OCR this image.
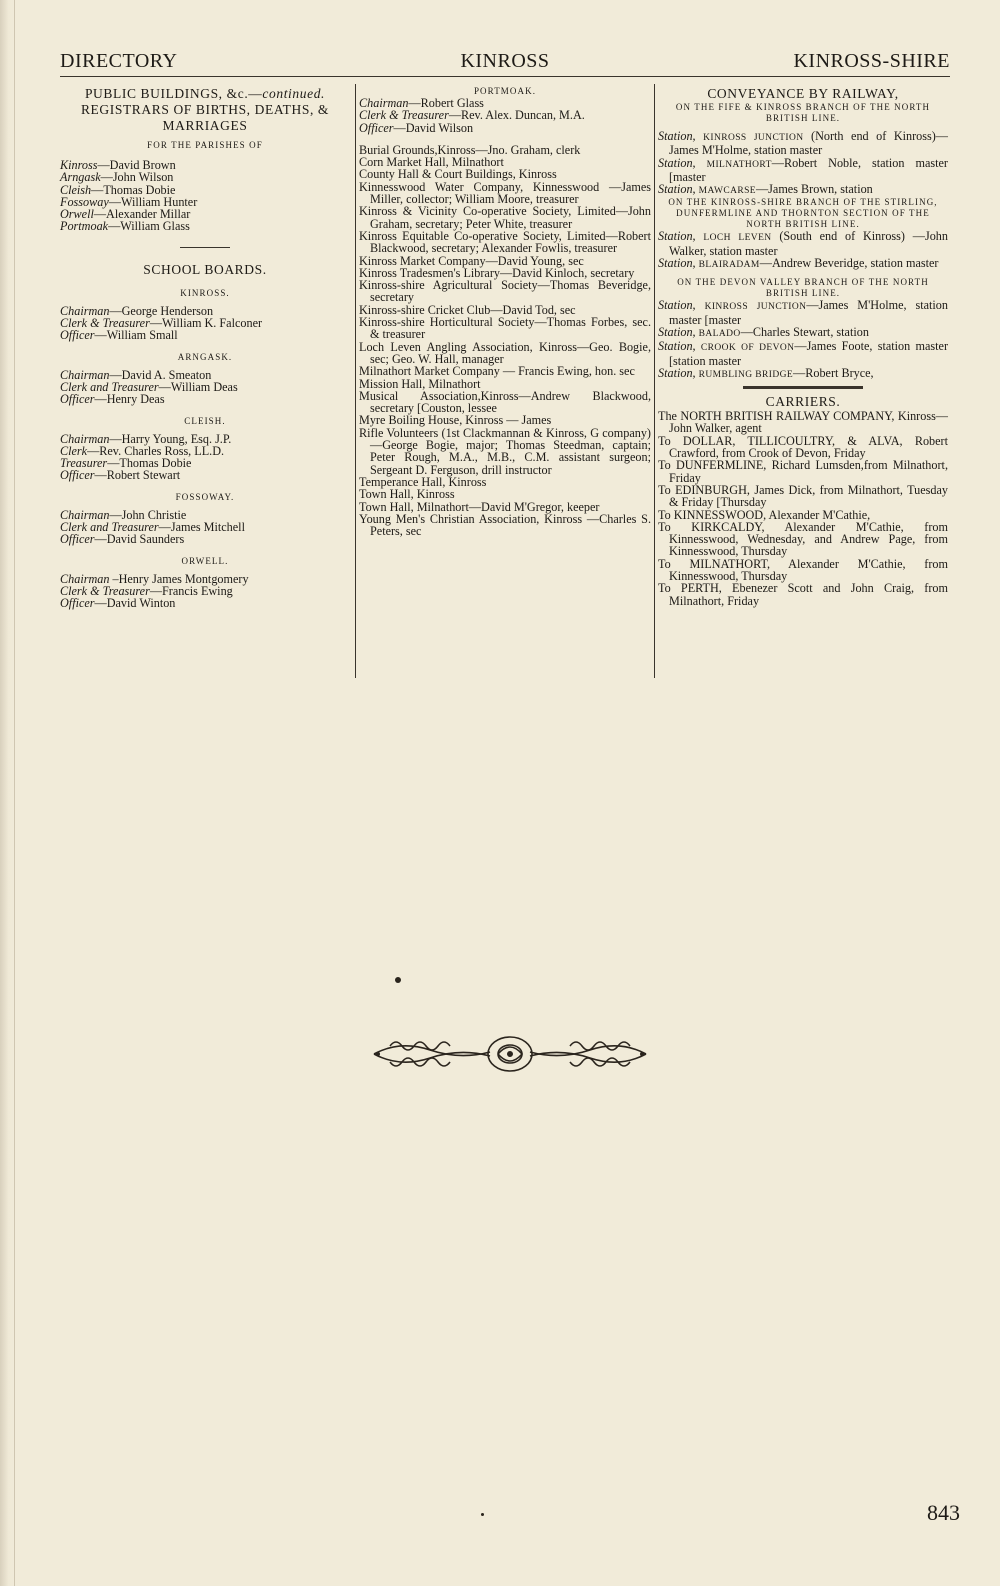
DIRECTORY	KINROSS	KINROSS-SHIRE
PUBLIC BUILDINGS, &c.—continued.
REGISTRARS OF BIRTHS, DEATHS, & MARRIAGES
FOR THE PARISHES OF
Kinross—David Brown
Arngask—John Wilson
Cleish—Thomas Dobie
Fossoway—William Hunter
Orwell—Alexander Millar
Portmoak—William Glass
SCHOOL BOARDS.
KINROSS.
Chairman—George Henderson
Clerk & Treasurer—William K. Falconer
Officer—William Small
ARNGASK.
Chairman—David A. Smeaton
Clerk and Treasurer—William Deas
Officer—Henry Deas
CLEISH.
Chairman—Harry Young, Esq. J.P.
Clerk—Rev. Charles Ross, LL.D.
Treasurer—Thomas Dobie
Officer—Robert Stewart
FOSSOWAY.
Chairman—John Christie
Clerk and Treasurer—James Mitchell
Officer—David Saunders
ORWELL.
Chairman –Henry James Montgomery
Clerk & Treasurer—Francis Ewing
Officer—David Winton
PORTMOAK.
Chairman—Robert Glass
Clerk & Treasurer—Rev. Alex. Duncan, M.A.
Officer—David Wilson
Burial Grounds,Kinross—Jno. Graham, clerk
Corn Market Hall, Milnathort
County Hall & Court Buildings, Kinross
Kinnesswood Water Company, Kinnesswood —James Miller, collector; William Moore, treasurer
Kinross & Vicinity Co-operative Society, Limited—John Graham, secretary; Peter White, treasurer
Kinross Equitable Co-operative Society, Limited—Robert Blackwood, secretary; Alexander Fowlis, treasurer
Kinross Market Company—David Young, sec
Kinross Tradesmen's Library—David Kinloch, secretary
Kinross-shire Agricultural Society—Thomas Beveridge, secretary
Kinross-shire Cricket Club—David Tod, sec
Kinross-shire Horticultural Society—Thomas Forbes, sec. & treasurer
Loch Leven Angling Association, Kinross—Geo. Bogie, sec; Geo. W. Hall, manager
Milnathort Market Company — Francis Ewing, hon. sec
Mission Hall, Milnathort
Musical Association,Kinross—Andrew Blackwood, secretary [Couston, lessee
Myre Boiling House, Kinross — James
Rifle Volunteers (1st Clackmannan & Kinross, G company)—George Bogie, major; Thomas Steedman, captain; Peter Rough, M.A., M.B., C.M. assistant surgeon; Sergeant D. Ferguson, drill instructor
Temperance Hall, Kinross
Town Hall, Kinross
Town Hall, Milnathort—David M'Gregor, keeper
Young Men's Christian Association, Kinross —Charles S. Peters, sec
CONVEYANCE BY RAILWAY,
ON THE FIFE & KINROSS BRANCH OF THE NORTH BRITISH LINE.
Station, KINROSS JUNCTION (North end of Kinross)—James M'Holme, station master
Station, MILNATHORT—Robert Noble, station master [master
Station, MAWCARSE—James Brown, station
ON THE KINROSS-SHIRE BRANCH OF THE STIRLING, DUNFERMLINE AND THORNTON SECTION OF THE NORTH BRITISH LINE.
Station, LOCH LEVEN (South end of Kinross) —John Walker, station master
Station, BLAIRADAM—Andrew Beveridge, station master
ON THE DEVON VALLEY BRANCH OF THE NORTH BRITISH LINE.
Station, KINROSS JUNCTION—James M'Holme, station master [master
Station, BALADO—Charles Stewart, station
Station, CROOK OF DEVON—James Foote, station master [station master
Station, RUMBLING BRIDGE—Robert Bryce,
CARRIERS.
The NORTH BRITISH RAILWAY COMPANY, Kinross—John Walker, agent
To DOLLAR, TILLICOULTRY, & ALVA, Robert Crawford, from Crook of Devon, Friday
To DUNFERMLINE, Richard Lumsden,from Milnathort, Friday
To EDINBURGH, James Dick, from Milnathort, Tuesday & Friday [Thursday
To KINNESSWOOD, Alexander M'Cathie,
To KIRKCALDY, Alexander M'Cathie, from Kinnesswood, Wednesday, and Andrew Page, from Kinnesswood, Thursday
To MILNATHORT, Alexander M'Cathie, from Kinnesswood, Thursday
To PERTH, Ebenezer Scott and John Craig, from Milnathort, Friday
843
